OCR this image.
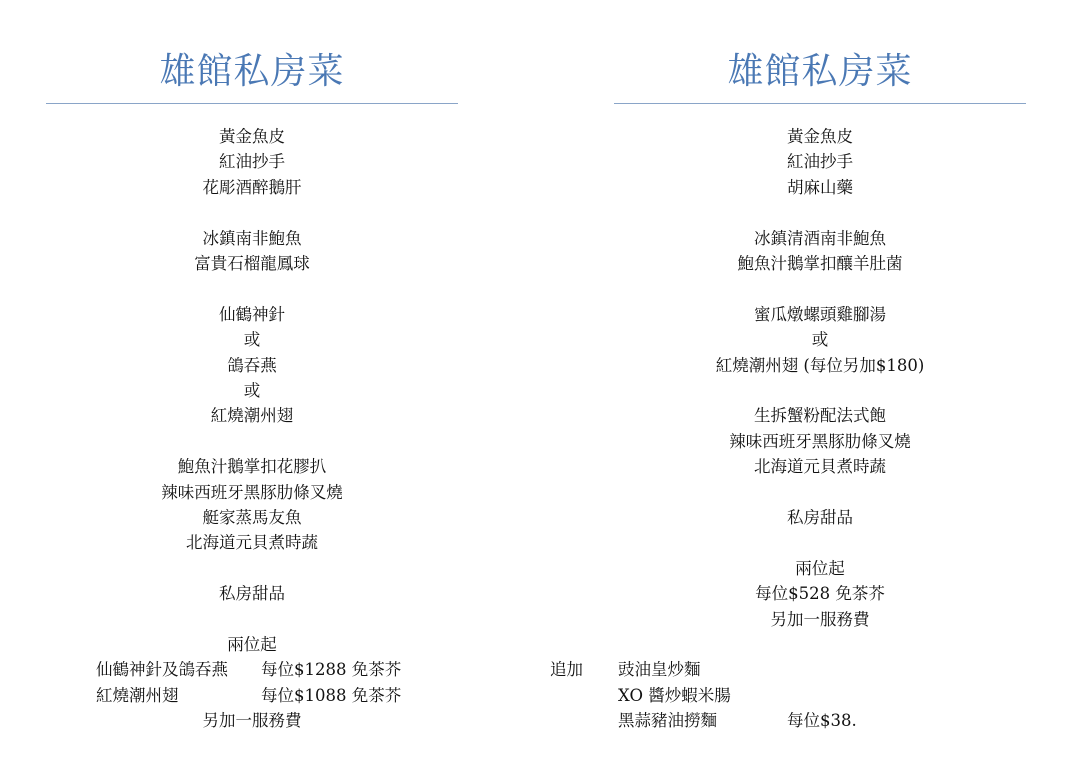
雄館私房菜
黃金魚皮
紅油抄手
花彫酒醉鵝肝
冰鎮南非鮑魚
富貴石榴龍鳳球
仙鶴神針
或
鴿吞燕
或
紅燒潮州翅
鮑魚汁鵝掌扣花膠扒
辣味西班牙黑豚肋條叉燒
艇家蒸馬友魚
北海道元貝煮時蔬
私房甜品
兩位起
雄館私房菜
黃金魚皮
紅油抄手
胡麻山藥
冰鎮清酒南非鮑魚
鮑魚汁鵝掌扣釀羊肚菌
蜜瓜燉螺頭雞腳湯
或
紅燒潮州翅 (每位另加$180)
生拆蟹粉配法式飽
辣味西班牙黑豚肋條叉燒
北海道元貝煮時蔬
私房甜品
兩位起
每位$528 免茶芥
另加一服務費
仙鶴神針及鴿吞燕 每位$1288 免茶芥
紅燒潮州翅	每位$1088 免茶芥
另加一服務費
追加 豉油皇炒麵
XO 醬炒蝦米腸
黑蒜豬油撈麵	每位$38.
